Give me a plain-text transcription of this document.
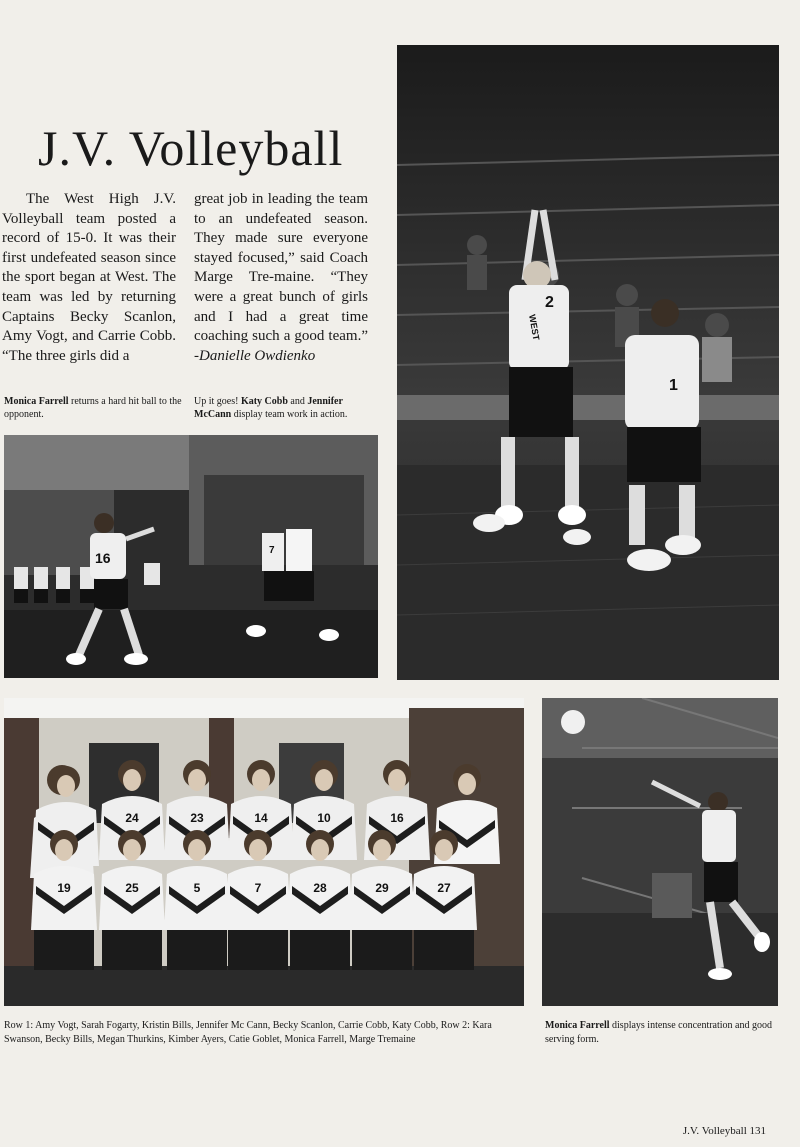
J.V. Volleyball

The West High J.V. Volleyball team posted a record of 15-0. It was their first undefeated season since the sport began at West. The team was led by returning Captains Becky Scanlon, Amy Vogt, and Carrie Cobb. “The three girls did a

great job in leading the team to an undefeated season. They made sure everyone stayed focused,” said Coach Marge Tre-maine. “They were a great bunch of girls and I had a great time coaching such a good team.” -Danielle Owdienko

Monica Farrell returns a hard hit ball to the opponent.
Up it goes! Katy Cobb and Jennifer McCann display team work in action.
2
WEST
1
16	7
24	23	14	10	16
19	25	5	7	28	29	27
Row 1: Amy Vogt, Sarah Fogarty, Kristin Bills, Jennifer Mc Cann, Becky Scanlon, Carrie Cobb, Katy Cobb, Row 2: Kara Swanson, Becky Bills, Megan Thurkins, Kimber Ayers, Catie Goblet, Monica Farrell, Marge Tremaine
Monica Farrell displays intense concentration and good serving form.
J.V. Volleyball 131
